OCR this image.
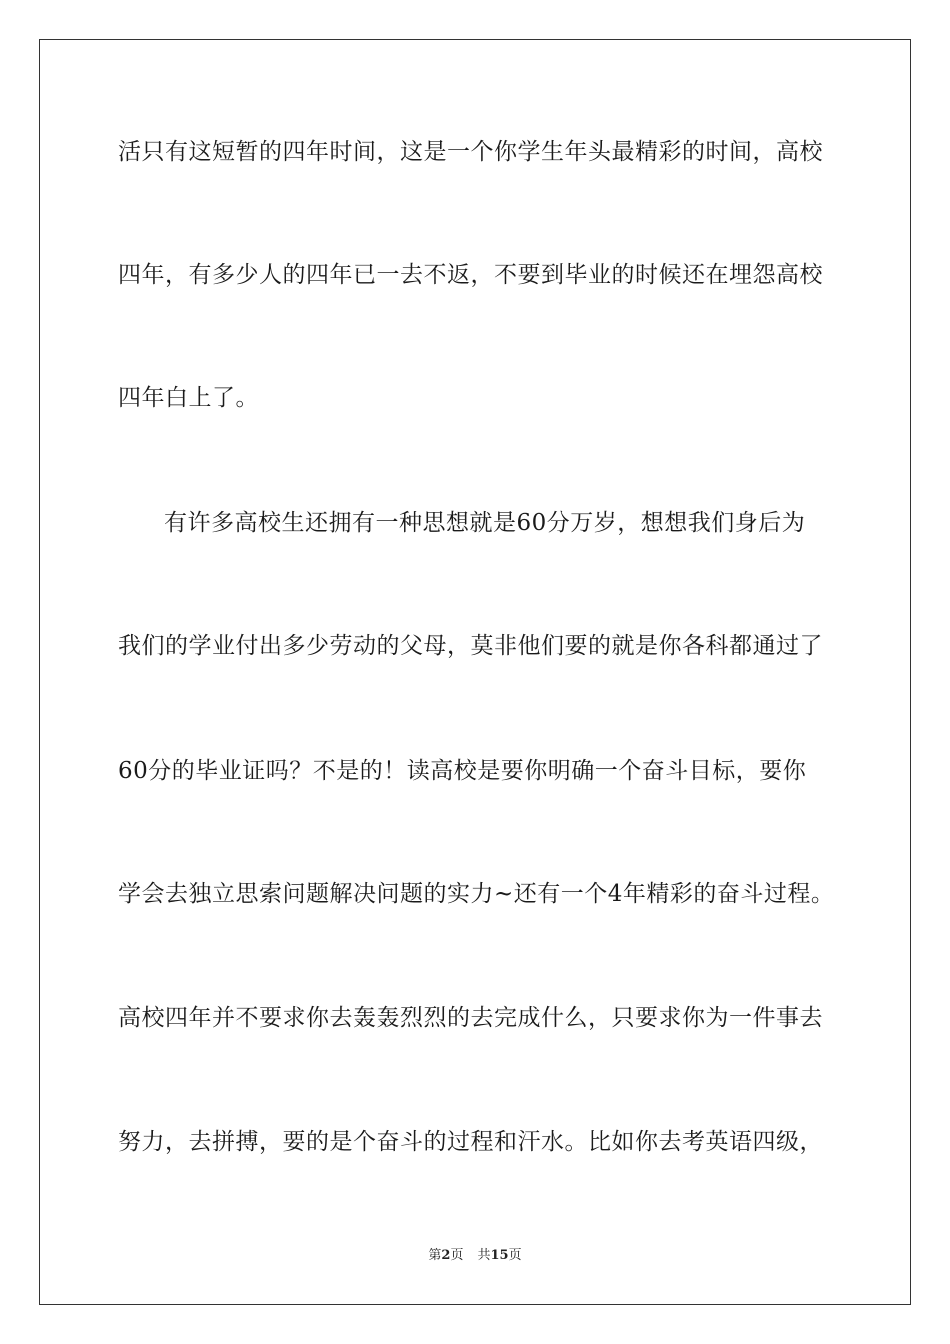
活只有这短暂的四年时间，这是一个你学生年头最精彩的时间，高校
四年，有多少人的四年已一去不返，不要到毕业的时候还在埋怨高校
四年白上了。
有许多高校生还拥有一种思想就是60分万岁，想想我们身后为
我们的学业付出多少劳动的父母，莫非他们要的就是你各科都通过了
60分的毕业证吗？不是的！读高校是要你明确一个奋斗目标，要你
学会去独立思索问题解决问题的实力~还有一个4年精彩的奋斗过程。
高校四年并不要求你去轰轰烈烈的去完成什么，只要求你为一件事去
努力，去拼搏，要的是个奋斗的过程和汗水。比如你去考英语四级，
第2页 共15页
